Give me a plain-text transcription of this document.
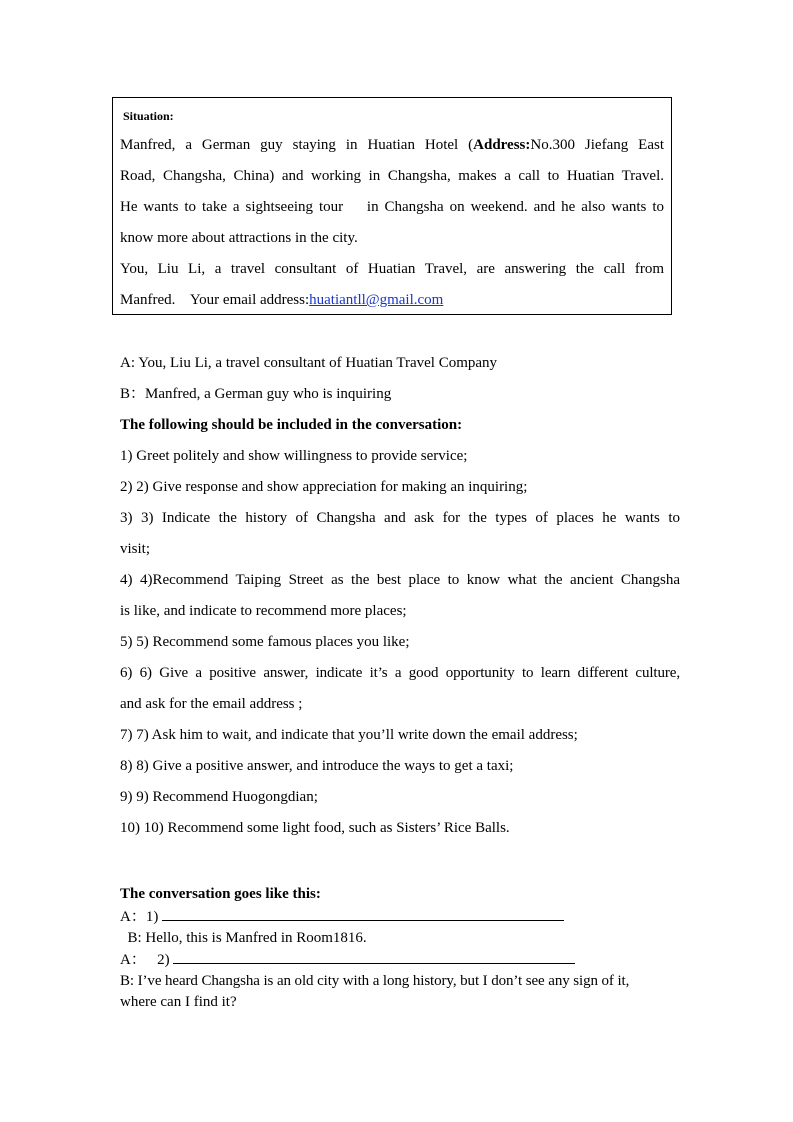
Situation:
Manfred, a German guy staying in Huatian Hotel (Address:No.300 Jiefang East
Road, Changsha, China) and working in Changsha, makes a call to Huatian Travel.
He wants to take a sightseeing tour    in Changsha on weekend. and he also wants to
know more about attractions in the city.
You, Liu Li, a travel consultant of Huatian Travel, are answering the call from
Manfred.    Your email address:huatiantll@gmail.com
A: You, Liu Li, a travel consultant of Huatian Travel Company
B：Manfred, a German guy who is inquiring
The following should be included in the conversation:
1) Greet politely and show willingness to provide service;
2) 2) Give response and show appreciation for making an inquiring;
3) 3) Indicate the history of Changsha and ask for the types of places he wants to
visit;
4) 4)Recommend Taiping Street as the best place to know what the ancient Changsha
is like, and indicate to recommend more places;
5) 5) Recommend some famous places you like;
6) 6) Give a positive answer, indicate it’s a good opportunity to learn different culture,
and ask for the email address ;
7) 7) Ask him to wait, and indicate that you’ll write down the email address;
8) 8) Give a positive answer, and introduce the ways to get a taxi;
9) 9) Recommend Huogongdian;
10) 10) Recommend some light food, such as Sisters’ Rice Balls.
The conversation goes like this:
A：1)
B: Hello, this is Manfred in Room1816.
A：   2)
B: I’ve heard Changsha is an old city with a long history, but I don’t see any sign of it,
where can I find it?
